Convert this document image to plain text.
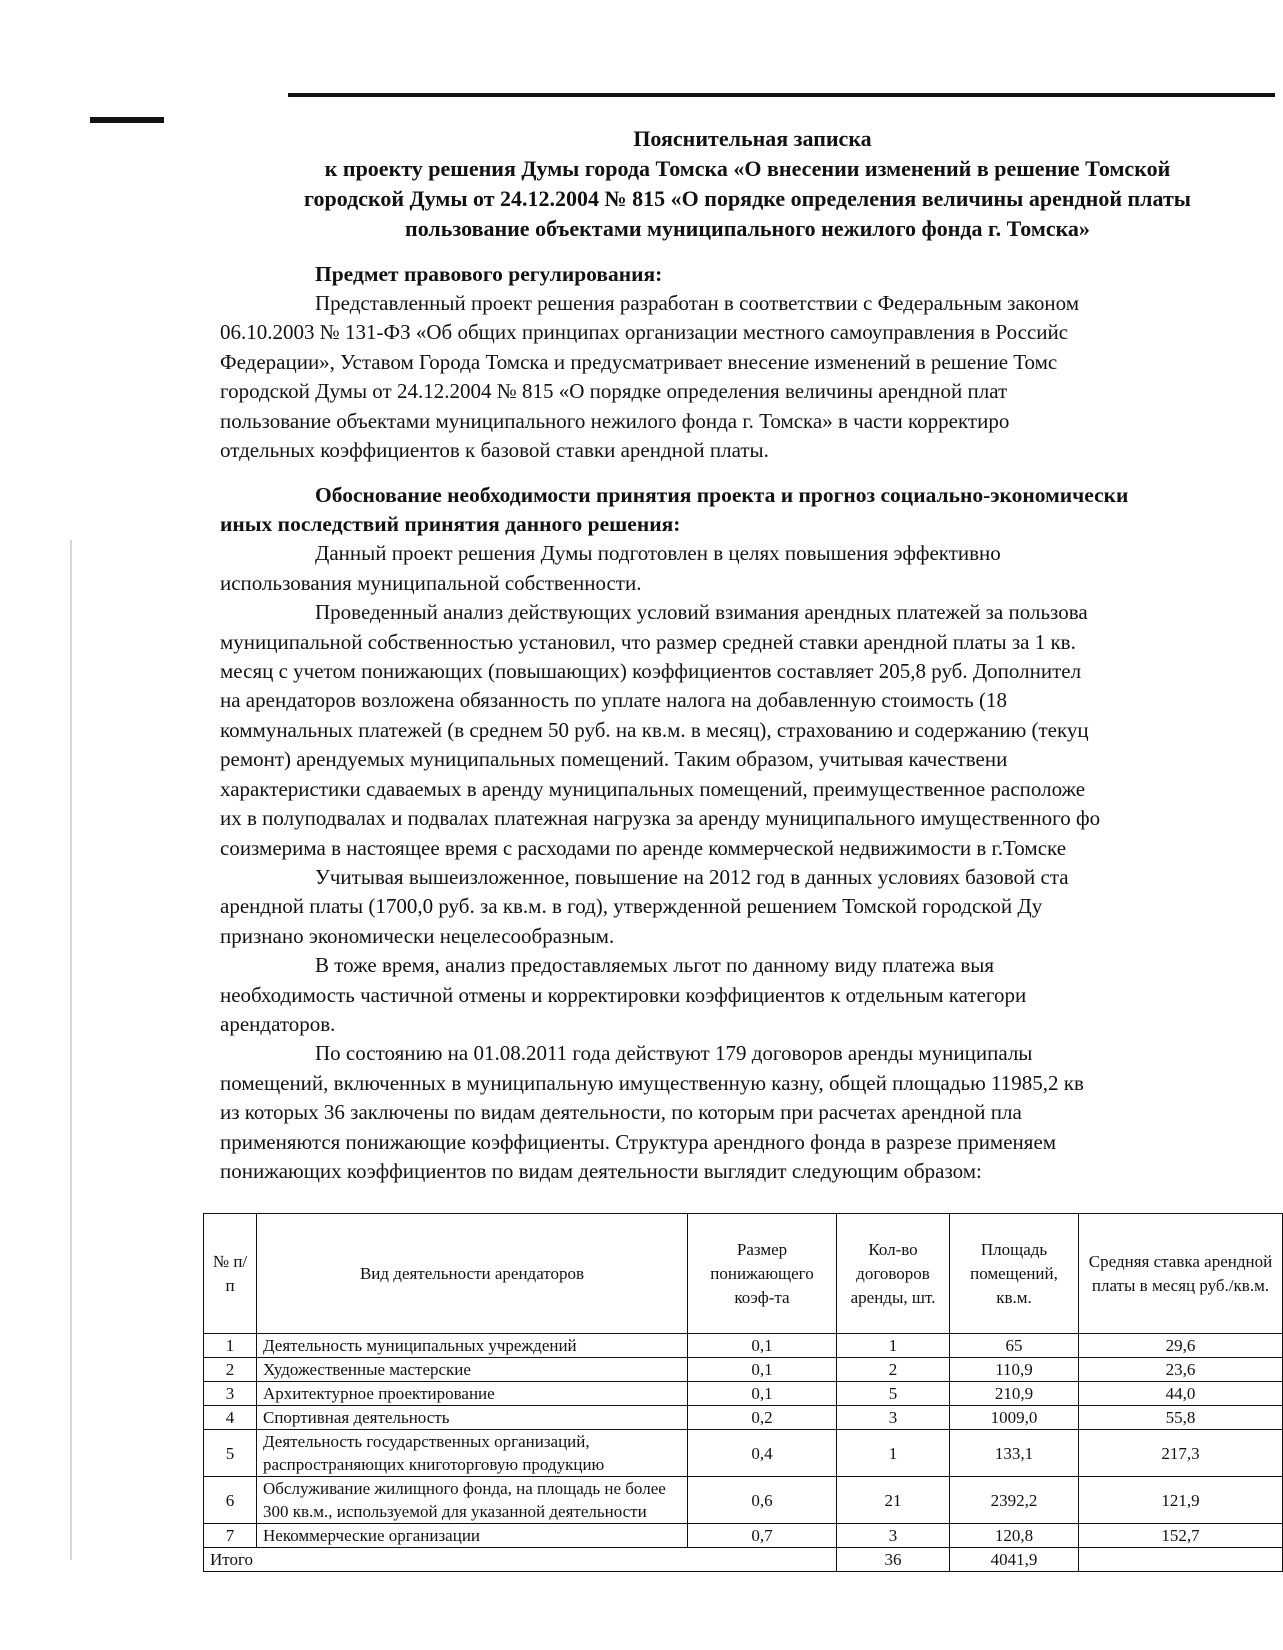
Пояснительная записка
к проекту решения Думы города Томска «О внесении изменений в решение Томской
городской Думы от 24.12.2004 № 815 «О порядке определения величины арендной платы
пользование объектами муниципального нежилого фонда г. Томска»
Предмет правового регулирования:
Представленный проект решения разработан в соответствии с Федеральным законом
06.10.2003 № 131-ФЗ «Об общих принципах организации местного самоуправления в Российс
Федерации», Уставом Города Томска и предусматривает внесение изменений в решение Томс
городской Думы от 24.12.2004 № 815 «О порядке определения величины арендной плат
пользование объектами муниципального нежилого фонда г. Томска» в части корректиро
отдельных коэффициентов к базовой ставки арендной платы.
Обоснование необходимости принятия проекта и прогноз социально-экономически
иных последствий принятия данного решения:
Данный проект решения Думы подготовлен в целях повышения эффективно
использования муниципальной собственности.
Проведенный анализ действующих условий взимания арендных платежей за пользова
муниципальной собственностью установил, что размер средней ставки арендной платы за 1 кв.
месяц с учетом понижающих (повышающих) коэффициентов составляет 205,8 руб. Дополнител
на арендаторов возложена обязанность по уплате налога на добавленную стоимость (18
коммунальных платежей (в среднем 50 руб. на кв.м. в месяц), страхованию и содержанию (текуц
ремонт) арендуемых муниципальных помещений. Таким образом, учитывая качествени
характеристики сдаваемых в аренду муниципальных помещений, преимущественное расположе
их в полуподвалах и подвалах платежная нагрузка за аренду муниципального имущественного фо
соизмерима в настоящее время с расходами по аренде коммерческой недвижимости в г.Томске
Учитывая вышеизложенное, повышение на 2012 год в данных условиях базовой ста
арендной платы (1700,0 руб. за кв.м. в год), утвержденной решением Томской городской Ду
признано экономически нецелесообразным.
В тоже время, анализ предоставляемых льгот по данному виду платежа выя
необходимость частичной отмены и корректировки коэффициентов к отдельным категори
арендаторов.
По состоянию на 01.08.2011 года действуют 179 договоров аренды муниципалы
помещений, включенных в муниципальную имущественную казну, общей площадью 11985,2 кв
из которых 36 заключены по видам деятельности, по которым при расчетах арендной пла
применяются понижающие коэффициенты. Структура арендного фонда в разрезе применяем
понижающих коэффициентов по видам деятельности выглядит следующим образом:
№ п/п	Вид деятельности арендаторов	Размер понижающего коэф-та	Кол-во договоров аренды, шт.	Площадь помещений, кв.м.	Средняя ставка арендной платы в месяц руб./кв.м.
1	Деятельность муниципальных учреждений	0,1	1	65	29,6
2	Художественные мастерские	0,1	2	110,9	23,6
3	Архитектурное проектирование	0,1	5	210,9	44,0
4	Спортивная деятельность	0,2	3	1009,0	55,8
5	Деятельность государственных организаций, распространяющих книготорговую продукцию	0,4	1	133,1	217,3
6	Обслуживание жилищного фонда, на площадь не более 300 кв.м., используемой для указанной деятельности	0,6	21	2392,2	121,9
7	Некоммерческие организации	0,7	3	120,8	152,7
Итого			36	4041,9	
